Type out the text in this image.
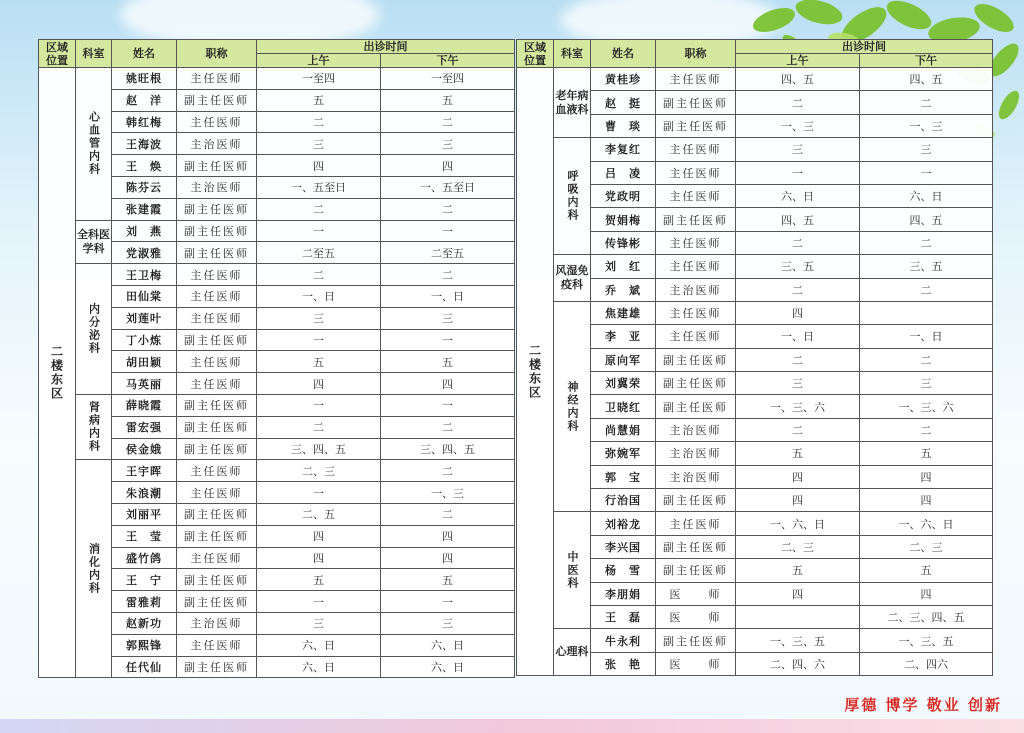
区域位置	科室	姓名	职称	出诊时间	
				上午	下午

二楼东区	心血管内科	姚旺根	主任医师	一至四	一至四
		赵　洋	副主任医师	五	五
		韩红梅	主任医师	二	二
		王海波	主治医师	三	三
		王　焕	副主任医师	四	四
		陈芬云	主治医师	一、五至日	一、五至日
		张建霞	副主任医师	二	二

	全科医学科	刘　燕	副主任医师	一	一
		党淑雅	副主任医师	二至五	二至五

	内分泌科	王卫梅	主任医师	二	二
		田仙棠	主任医师	一、日	一、日
		刘莲叶	主任医师	三	三
		丁小炼	副主任医师	一	一
		胡田颖	主任医师	五	五
		马英丽	主任医师	四	四

	肾病内科	薛晓霞	副主任医师	一	一
		雷宏强	副主任医师	二	二
		侯金娥	副主任医师	三、四、五	三、四、五

	消化内科	王宇晖	主任医师	二、三	二
		朱浪潮	主任医师	一	一、三
		刘丽平	副主任医师	二、五	二
		王　莹	副主任医师	四	四
		盛竹鸽	主任医师	四	四
		王　宁	副主任医师	五	五
		雷雅莉	副主任医师	一	一
		赵新功	主治医师	三	三
		郭熙锋	主任医师	六、日	六、日
		任代仙	副主任医师	六、日	六、日
区域位置	科室	姓名	职称	出诊时间	
				上午	下午

二楼东区	老年病血液科	黄桂珍	主任医师	四、五	四、五
		赵　挺	副主任医师	二	二
		曹　琰	副主任医师	一、三	一、三

	呼吸内科	李复红	主任医师	三	三
		吕　凌	主任医师	一	一
		党政明	主任医师	六、日	六、日
		贺娟梅	副主任医师	四、五	四、五
		传锋彬	主任医师	二	二

	风湿免疫科	刘　红	主任医师	三、五	三、五
		乔　斌	主治医师	二	二

	神经内科	焦建雄	主任医师	四	
		李　亚	主任医师	一、日	一、日
		原向军	副主任医师	二	二
		刘冀荣	副主任医师	三	三
		卫晓红	副主任医师	一、三、六	一、三、六
		尚慧娟	主治医师	二	二
		弥婉军	主治医师	五	五
		郭　宝	主治医师	四	四
		行治国	副主任医师	四	四

	中医科	刘裕龙	主任医师	一、六、日	一、六、日
		李兴国	副主任医师	二、三	二、三
		杨　雪	副主任医师	五	五
		李朋娟	医　　师	四	四
		王　磊	医　　师		二、三、四、五

	心理科	牛永利	副主任医师	一、三、五	一、三、五
		张　艳	医　　师	二、四、六	二、四六
厚德 博学 敬业 创新
